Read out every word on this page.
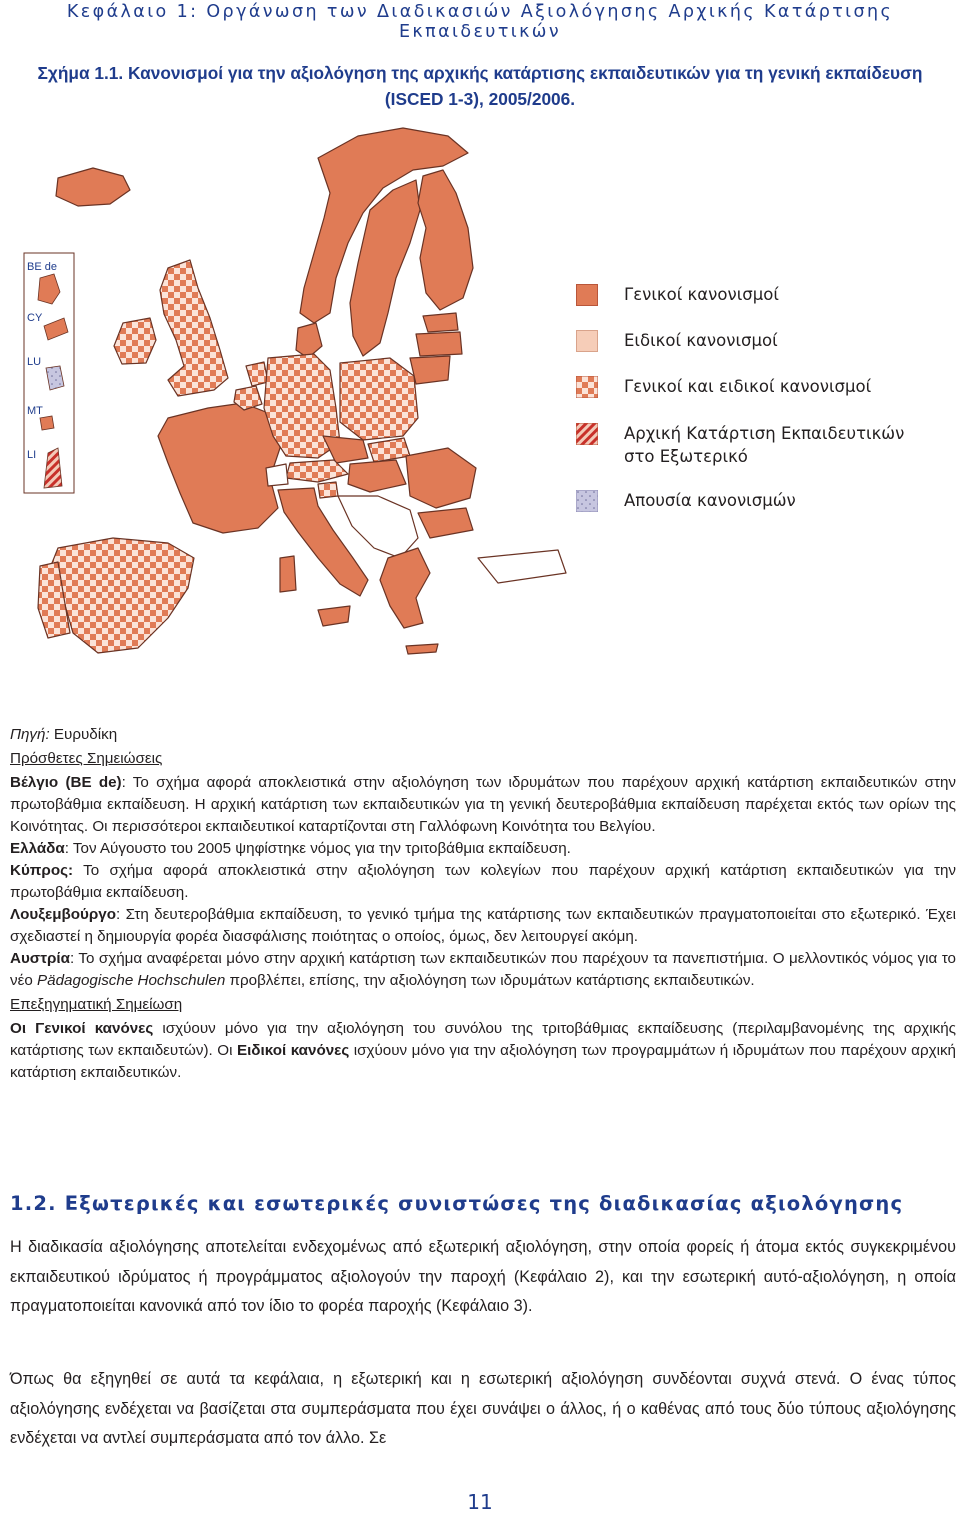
Κεφάλαιο 1: Οργάνωση των Διαδικασιών Αξιολόγησης Αρχικής Κατάρτισης Εκπαιδευτικών
Σχήμα 1.1. Κανονισμοί για την αξιολόγηση της αρχικής κατάρτισης εκπαιδευτικών για τη γενική εκπαίδευση
(ISCED 1-3), 2005/2006.
BE de
CY
LU
MT
LI
Γενικοί κανονισμοί
Ειδικοί κανονισμοί
Γενικοί και ειδικοί κανονισμοί
Αρχική Κατάρτιση Εκπαιδευτικών στο Εξωτερικό
Απουσία κανονισμών

Πηγή: Ευρυδίκη

Πρόσθετες Σημειώσεις

Βέλγιο (BE de): Το σχήμα αφορά αποκλειστικά στην αξιολόγηση των ιδρυμάτων που παρέχουν αρχική κατάρτιση εκπαιδευτικών στην πρωτοβάθμια εκπαίδευση. Η αρχική κατάρτιση των εκπαιδευτικών για τη γενική δευτεροβάθμια εκπαίδευση παρέχεται εκτός των ορίων της Κοινότητας. Οι περισσότεροι εκπαιδευτικοί καταρτίζονται στη Γαλλόφωνη Κοινότητα του Βελγίου.

Ελλάδα: Τον Αύγουστο του 2005 ψηφίστηκε νόμος για την τριτοβάθμια εκπαίδευση.

Κύπρος: Το σχήμα αφορά αποκλειστικά στην αξιολόγηση των κολεγίων που παρέχουν αρχική κατάρτιση εκπαιδευτικών για την πρωτοβάθμια εκπαίδευση.

Λουξεμβούργο: Στη δευτεροβάθμια εκπαίδευση, το γενικό τμήμα της κατάρτισης των εκπαιδευτικών πραγματοποιείται στο εξωτερικό. Έχει σχεδιαστεί η δημιουργία φορέα διασφάλισης ποιότητας ο οποίος, όμως, δεν λειτουργεί ακόμη.

Αυστρία: Το σχήμα αναφέρεται μόνο στην αρχική κατάρτιση των εκπαιδευτικών που παρέχουν τα πανεπιστήμια. Ο μελλοντικός νόμος για το νέο Pädagogische Hochschulen προβλέπει, επίσης, την αξιολόγηση των ιδρυμάτων κατάρτισης εκπαιδευτικών.

Επεξηγηματική Σημείωση

Οι Γενικοί κανόνες ισχύουν μόνο για την αξιολόγηση του συνόλου της τριτοβάθμιας εκπαίδευσης (περιλαμβανομένης της αρχικής κατάρτισης των εκπαιδευτών). Οι Ειδικοί κανόνες ισχύουν μόνο για την αξιολόγηση των προγραμμάτων ή ιδρυμάτων που παρέχουν αρχική κατάρτιση εκπαιδευτικών.

1.2. Εξωτερικές και εσωτερικές συνιστώσες της διαδικασίας αξιολόγησης
Η διαδικασία αξιολόγησης αποτελείται ενδεχομένως από εξωτερική αξιολόγηση, στην οποία φορείς ή άτομα εκτός συγκεκριμένου εκπαιδευτικού ιδρύματος ή προγράμματος αξιολογούν την παροχή (Κεφάλαιο 2), και την εσωτερική αυτό-αξιολόγηση, η οποία πραγματοποιείται κανονικά από τον ίδιο το φορέα παροχής (Κεφάλαιο 3).
Όπως θα εξηγηθεί σε αυτά τα κεφάλαια, η εξωτερική και η εσωτερική αξιολόγηση συνδέονται συχνά στενά. Ο ένας τύπος αξιολόγησης ενδέχεται να βασίζεται στα συμπεράσματα που έχει συνάψει ο άλλος, ή ο καθένας από τους δύο τύπους αξιολόγησης ενδέχεται να αντλεί συμπεράσματα από τον άλλο. Σε
11
